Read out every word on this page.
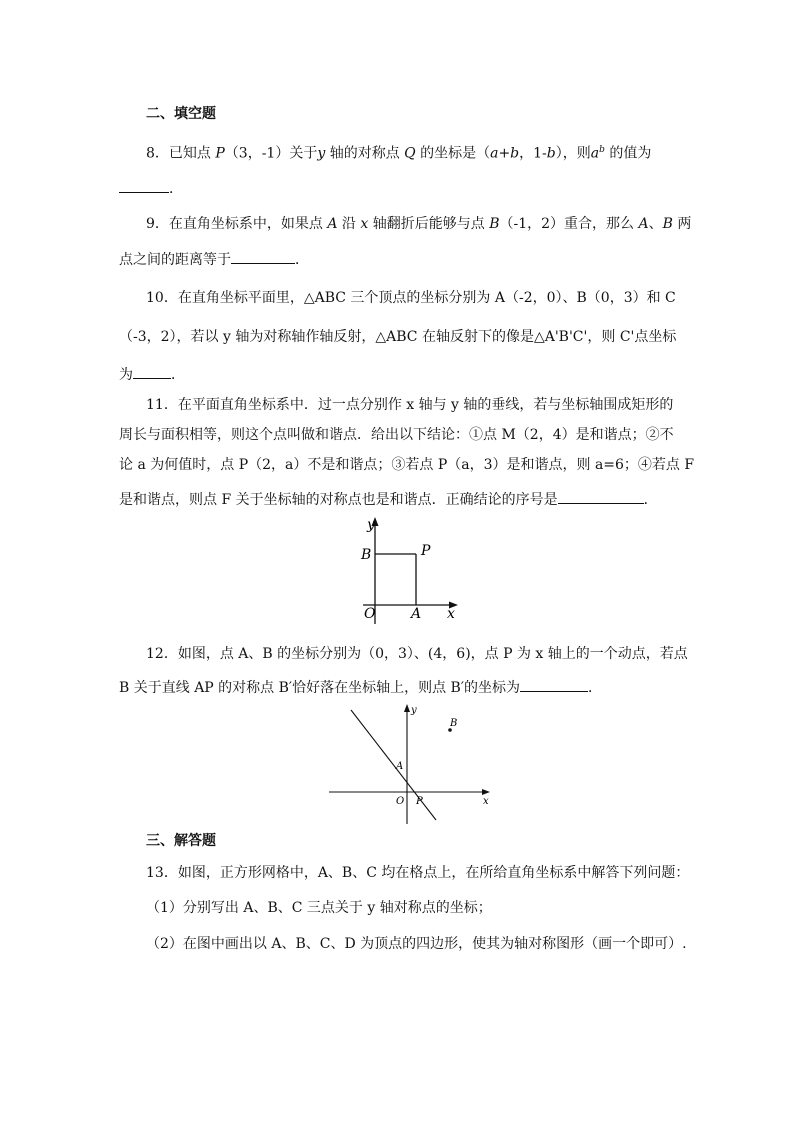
二、填空题
8．已知点 P（3，-1）关于y 轴的对称点 Q 的坐标是（a+b，1-b），则$a^b$ 的值为
．
9．在直角坐标系中，如果点 A 沿 x 轴翻折后能够与点 B（-1，2）重合，那么 A、B 两
点之间的距离等于	．
10．在直角坐标平面里，△ABC 三个顶点的坐标分别为 A（-2，0）、B（0，3）和 C
（-3，2），若以 y 轴为对称轴作轴反射，△ABC 在轴反射下的像是△A'B'C'，则 C'点坐标
为	．
11．在平面直角坐标系中．过一点分别作 x 轴与 y 轴的垂线，若与坐标轴围成矩形的
周长与面积相等，则这个点叫做和谐点．给出以下结论：①点 M（2，4）是和谐点；②不
论 a 为何值时，点 P（2，a）不是和谐点；③若点 P（a，3）是和谐点，则 a=6；④若点 F
是和谐点，则点 F 关于坐标轴的对称点也是和谐点．正确结论的序号是	．
y
B	P
O	A x
12．如图，点 A、B 的坐标分别为（0，3）、(4，6)，点 P 为 x 轴上的一个动点，若点
B 关于直线 AP 的对称点 B′恰好落在坐标轴上，则点 B′的坐标为	．
y
B
A
O P	x
三、解答题
13．如图，正方形网格中，A、B、C 均在格点上，在所给直角坐标系中解答下列问题：
（1）分别写出 A、B、C 三点关于 y 轴对称点的坐标；
（2）在图中画出以 A、B、C、D 为顶点的四边形，使其为轴对称图形（画一个即可）.
